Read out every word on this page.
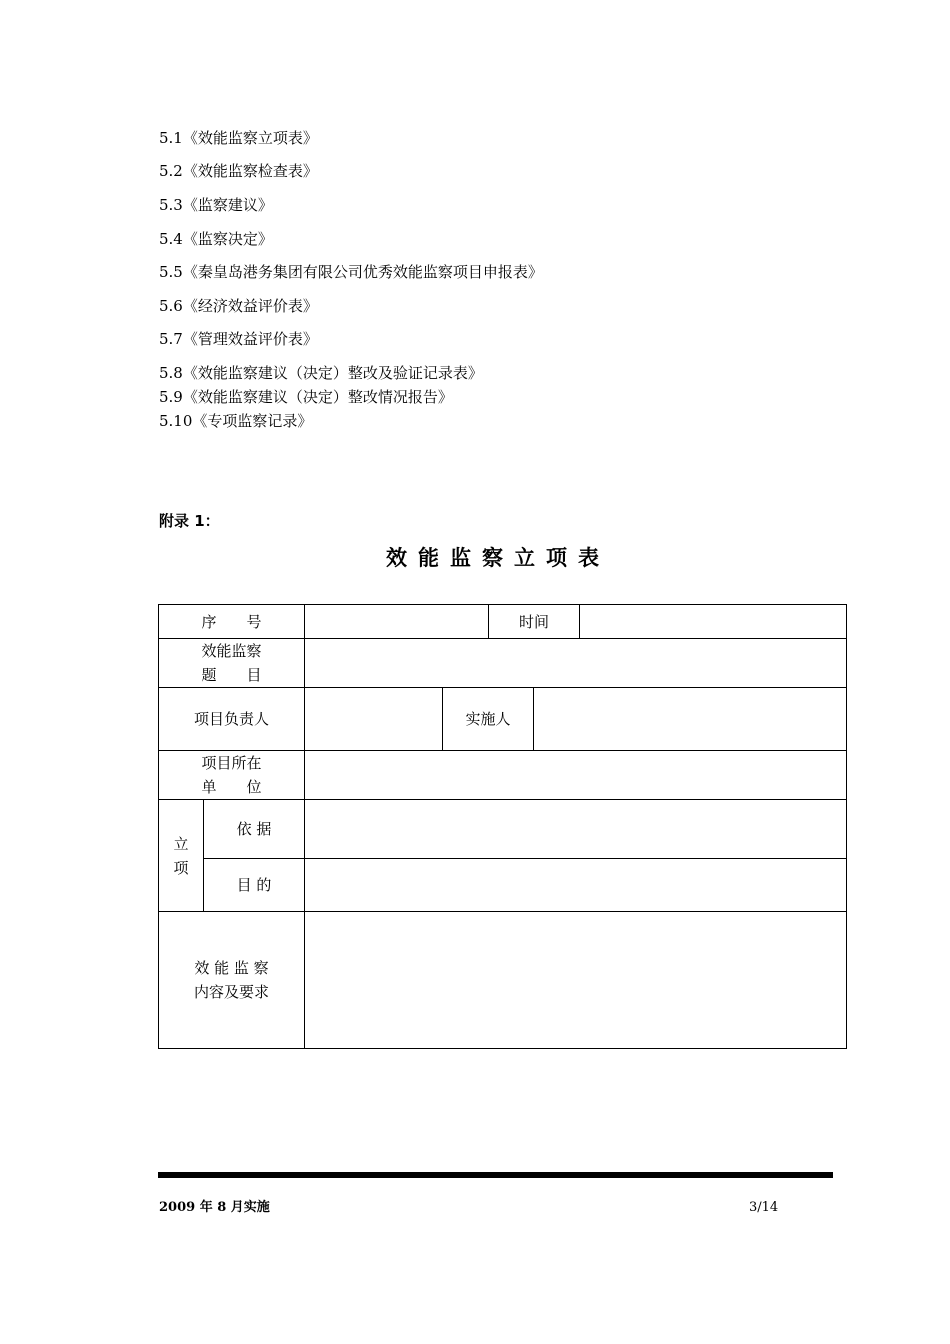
5.1《效能监察立项表》
5.2《效能监察检查表》
5.3《监察建议》
5.4《监察决定》
5.5《秦皇岛港务集团有限公司优秀效能监察项目申报表》
5.6《经济效益评价表》
5.7《管理效益评价表》
5.8《效能监察建议（决定）整改及验证记录表》
5.9《效能监察建议（决定）整改情况报告》
5.10《专项监察记录》
附录 1：
效能监察立项表
序　　号				时间		

效能监察
题　　目						

项目负责人			实施人			

项目所在
单　　位						

立
项	依 据					
	目 的					

效 能 监 察
内容及要求						

2009 年 8 月实施	3/14
